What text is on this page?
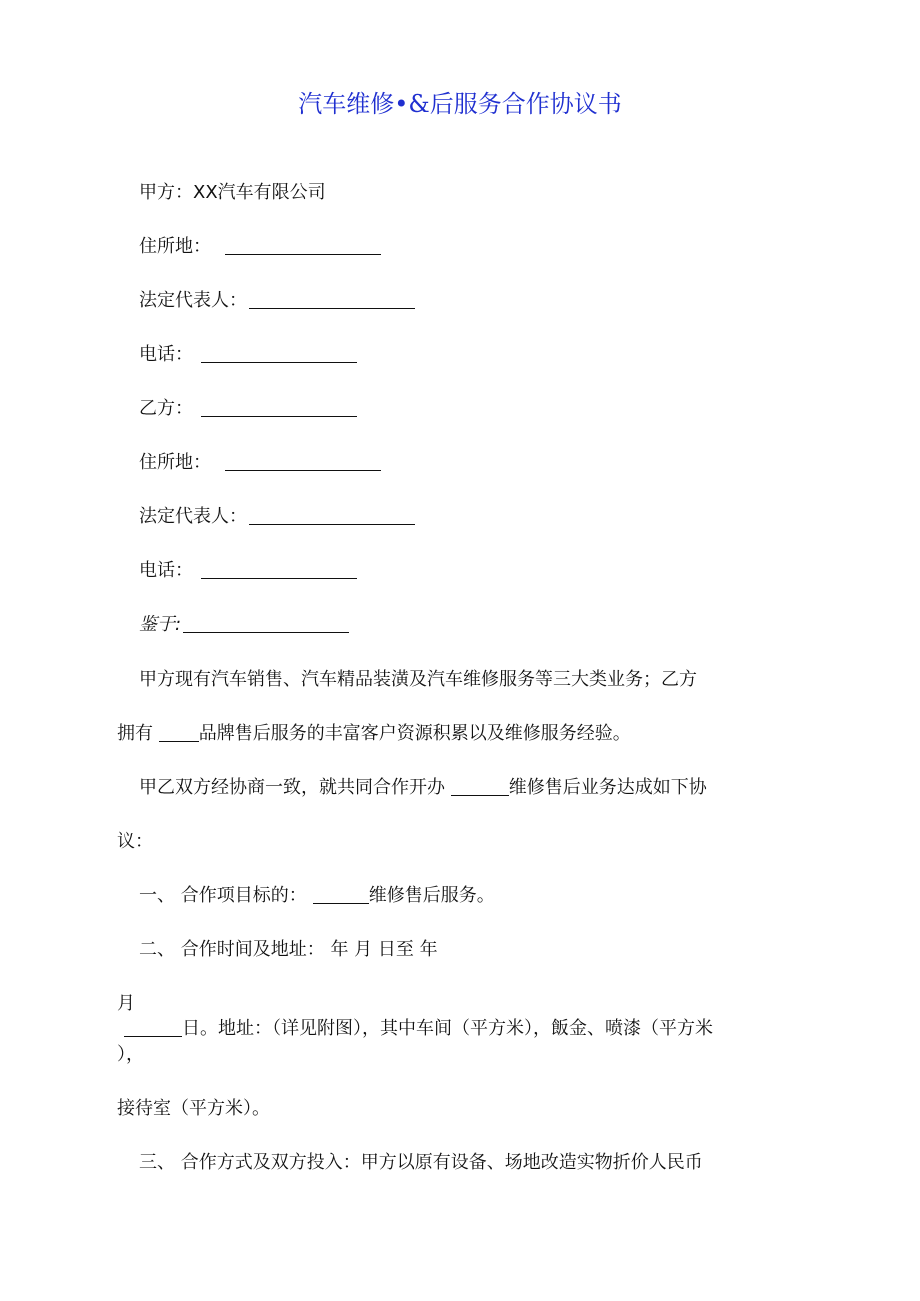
汽车维修•&后服务合作协议书
甲方：XX汽车有限公司
住所地：
法定代表人：
电话：
乙方：
住所地：
法定代表人：
电话：
鉴于:
甲方现有汽车销售、汽车精品装潢及汽车维修服务等三大类业务；乙方
拥有 品牌售后服务的丰富客户资源积累以及维修服务经验。
甲乙双方经协商一致，就共同合作开办	维修售后业务达成如下协
议：
一、 合作项目标的：	维修售后服务。
二、 合作时间及地址： 年 月 日至 年
月
日。地址：（详见附图），其中车间（平方米），飯金、喷漆（平方米
），
接待室（平方米）。
三、 合作方式及双方投入：甲方以原有设备、场地改造实物折价人民币
